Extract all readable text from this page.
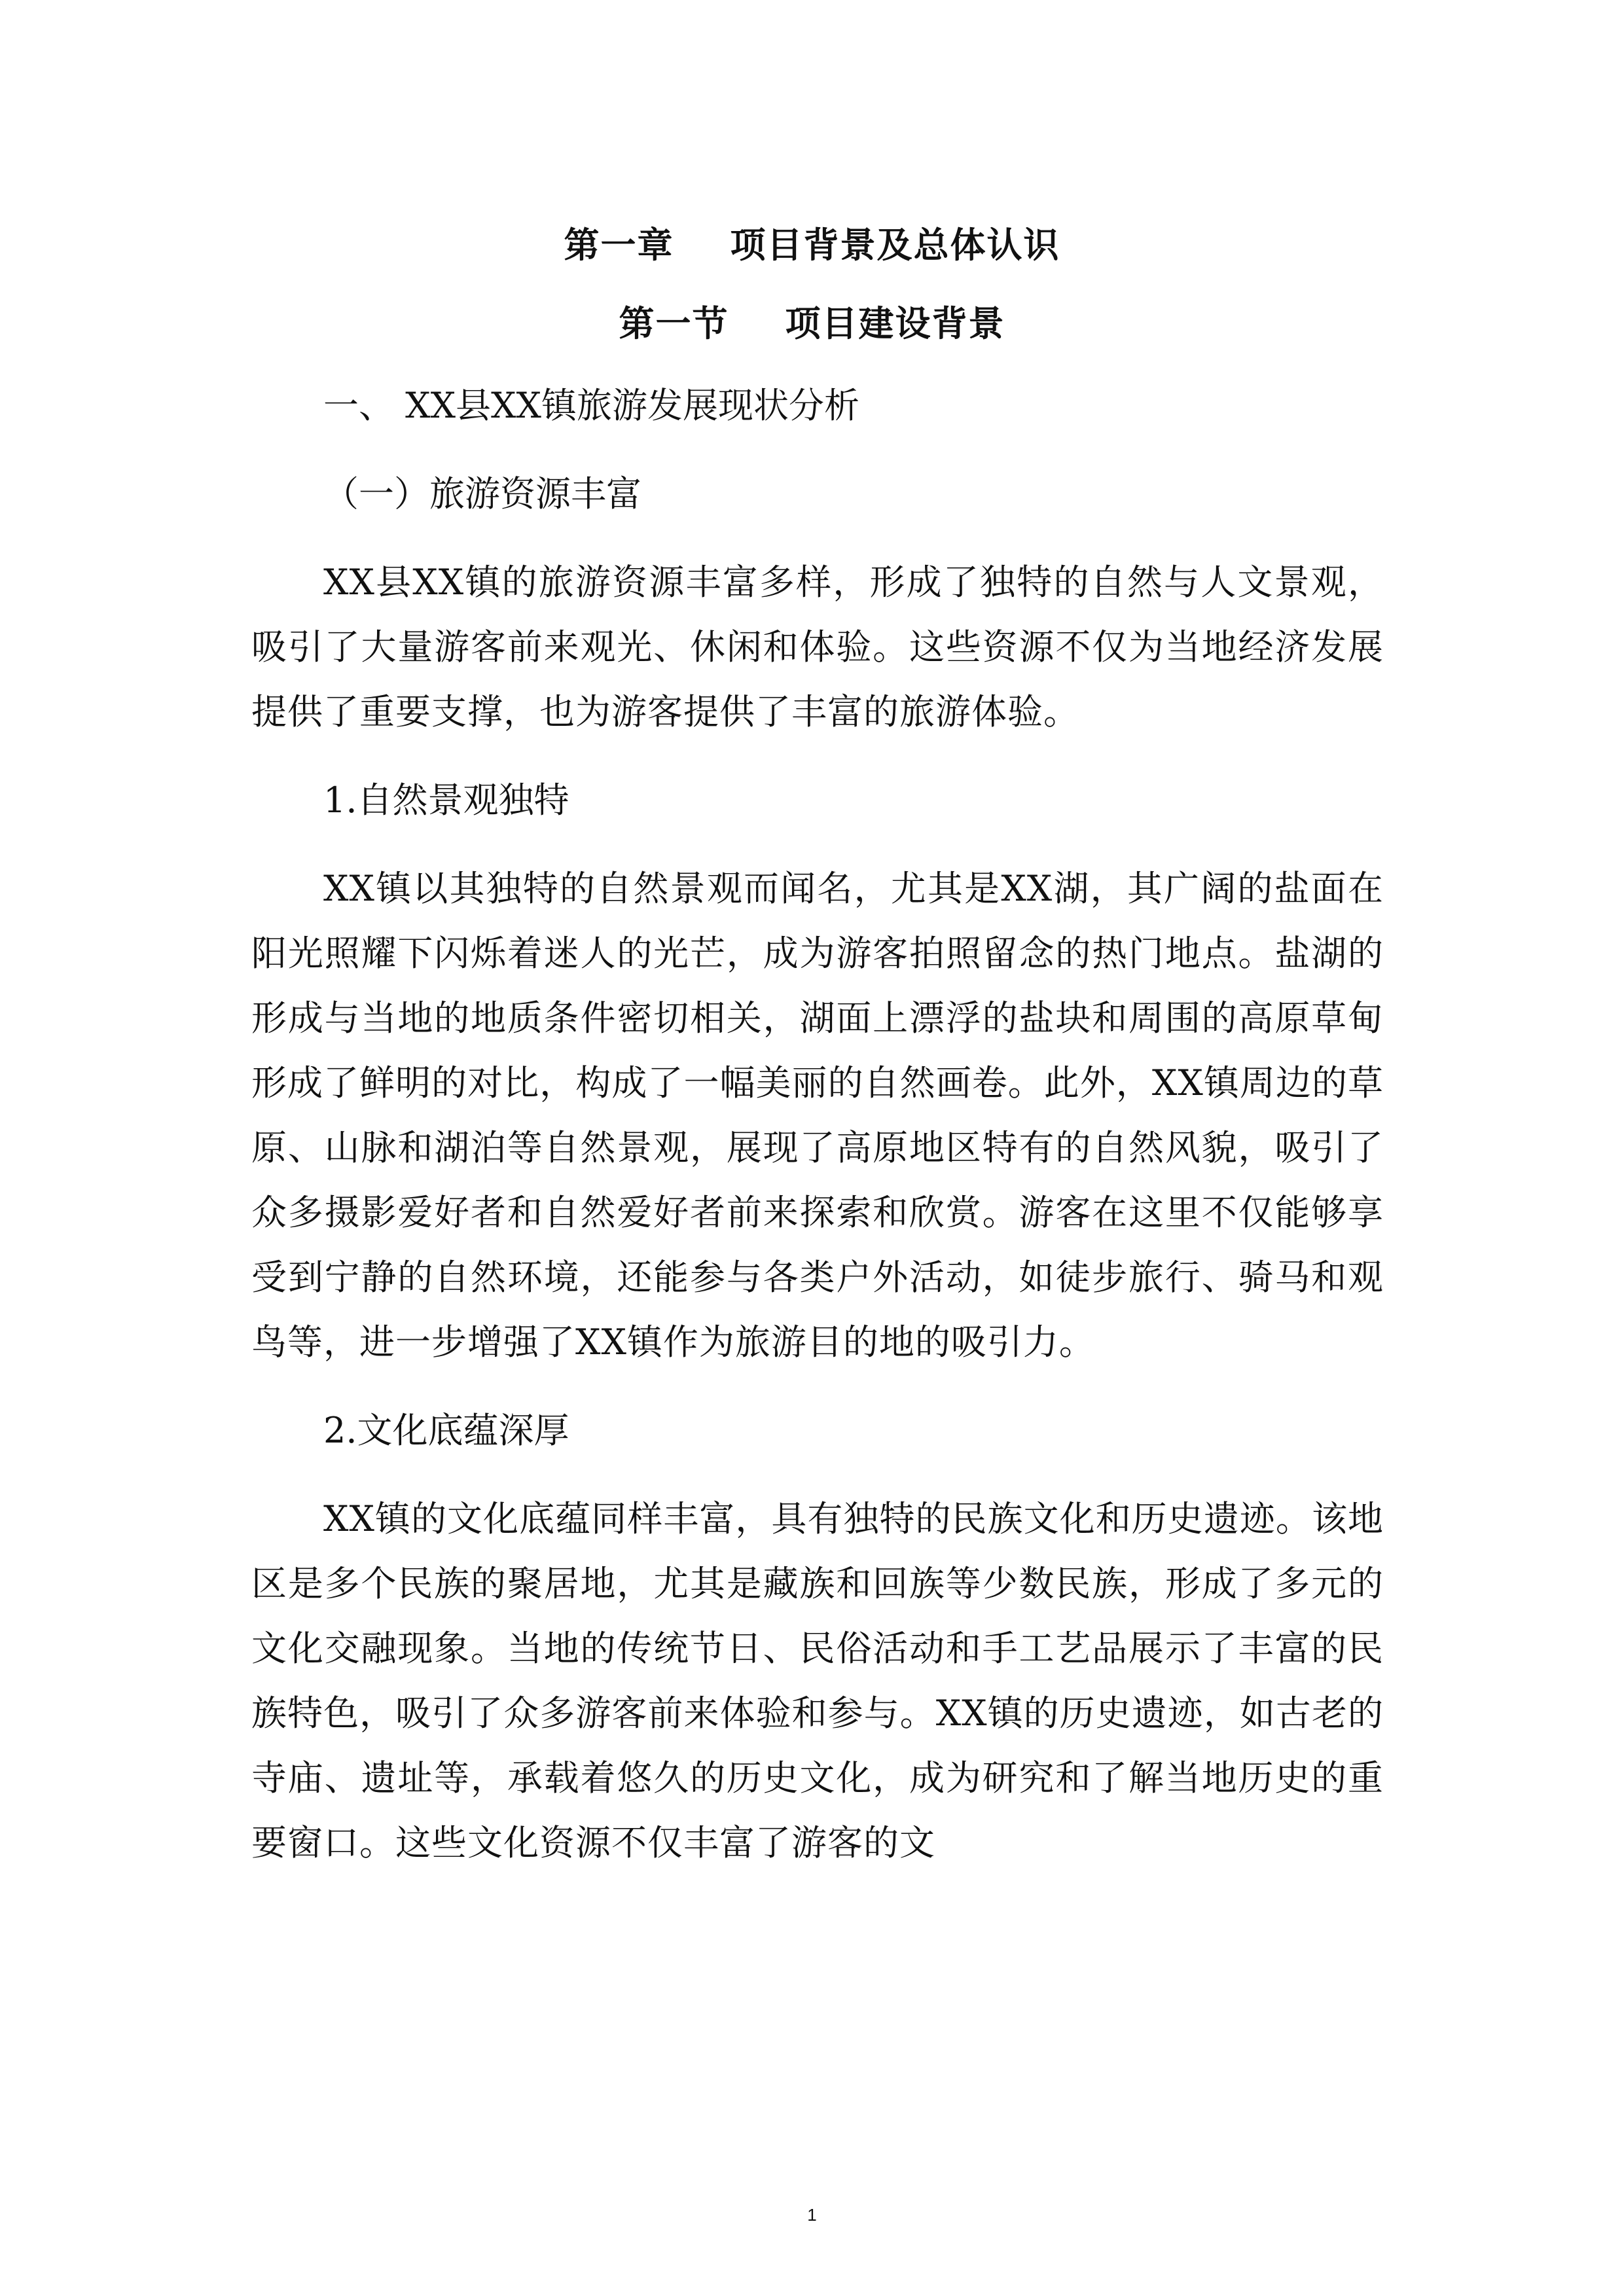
第一章 项目背景及总体认识
第一节 项目建设背景

一、 XX县XX镇旅游发展现状分析

（一）旅游资源丰富

XX县XX镇的旅游资源丰富多样，形成了独特的自然与人文景观，吸引了大量游客前来观光、休闲和体验。这些资源不仅为当地经济发展提供了重要支撑，也为游客提供了丰富的旅游体验。

1.自然景观独特

XX镇以其独特的自然景观而闻名，尤其是XX湖，其广阔的盐面在阳光照耀下闪烁着迷人的光芒，成为游客拍照留念的热门地点。盐湖的形成与当地的地质条件密切相关，湖面上漂浮的盐块和周围的高原草甸形成了鲜明的对比，构成了一幅美丽的自然画卷。此外，XX镇周边的草原、山脉和湖泊等自然景观，展现了高原地区特有的自然风貌，吸引了众多摄影爱好者和自然爱好者前来探索和欣赏。游客在这里不仅能够享受到宁静的自然环境，还能参与各类户外活动，如徒步旅行、骑马和观鸟等，进一步增强了XX镇作为旅游目的地的吸引力。

2.文化底蕴深厚

XX镇的文化底蕴同样丰富，具有独特的民族文化和历史遗迹。该地区是多个民族的聚居地，尤其是藏族和回族等少数民族，形成了多元的文化交融现象。当地的传统节日、民俗活动和手工艺品展示了丰富的民族特色，吸引了众多游客前来体验和参与。XX镇的历史遗迹，如古老的寺庙、遗址等，承载着悠久的历史文化，成为研究和了解当地历史的重要窗口。这些文化资源不仅丰富了游客的文

1
